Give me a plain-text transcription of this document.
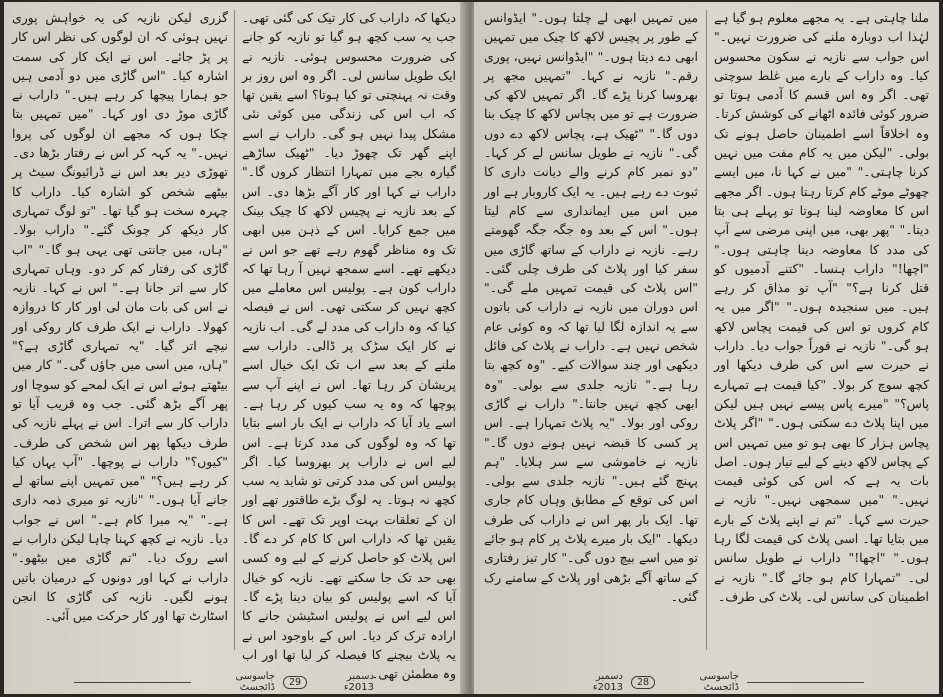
گزری لیکن نازیہ کی یہ خواہش پوری نہیں ہوئی کہ ان لوگوں کی نظر اس کار پر پڑ جائے۔ اس نے ایک کار کی سمت اشارہ کیا۔ "اس گاڑی میں دو آدمی ہیں جو ہمارا پیچھا کر رہے ہیں۔" داراب نے گاڑی موڑ دی اور کہا۔ "میں تمہیں بتا چکا ہوں کہ مجھے ان لوگوں کی پروا نہیں۔" یہ کہہ کر اس نے رفتار بڑھا دی۔ تھوڑی دیر بعد اس نے ڈرائیونگ سیٹ پر بیٹھے شخص کو اشارہ کیا۔ داراب کا چہرہ سخت ہو گیا تھا۔ "تو لوگ تمہاری کار دیکھ کر چونک گئے۔" داراب بولا۔ "ہاں، میں جانتی تھی یہی ہو گا۔" "اب گاڑی کی رفتار کم کر دو۔ وہاں تمہاری کار سے اتر جانا ہے۔" اس نے کہا۔ نازیہ نے اس کی بات مان لی اور کار کا دروازہ کھولا۔ داراب نے ایک طرف کار روکی اور نیچے اتر گیا۔ "یہ تمہاری گاڑی ہے؟" "ہاں، میں اسی میں جاؤں گی۔" کار میں بیٹھتے ہوئے اس نے ایک لمحے کو سوچا اور پھر آگے بڑھ گئی۔ جب وہ قریب آیا تو داراب کار سے اترا۔ اس نے پہلے نازیہ کی طرف دیکھا پھر اس شخص کی طرف۔ "کیوں؟" داراب نے پوچھا۔ "آپ یہاں کیا کر رہے ہیں؟" "میں تمہیں اپنے ساتھ لے جانے آیا ہوں۔" "نازیہ تو میری ذمہ داری ہے۔" "یہ میرا کام ہے۔" اس نے جواب دیا۔ نازیہ نے کچھ کہنا چاہا لیکن داراب نے اسے روک دیا۔ "تم گاڑی میں بیٹھو۔" داراب نے کہا اور دونوں کے درمیان باتیں ہونے لگیں۔ نازیہ کی گاڑی کا انجن اسٹارٹ تھا اور کار حرکت میں آئی۔

دیکھا کہ داراب کی کار تیک کی گئی تھی۔ جب یہ سب کچھ ہو گیا تو نازیہ کو جانے کی ضرورت محسوس ہوئی۔ نازیہ نے ایک طویل سانس لی۔ اگر وہ اس روز بر وقت نہ پہنچتی تو کیا ہوتا؟ اسے یقین تھا کہ اب اس کی زندگی میں کوئی نئی مشکل پیدا نہیں ہو گی۔ داراب نے اسے اپنے گھر تک چھوڑ دیا۔ "ٹھیک ساڑھے گیارہ بجے میں تمہارا انتظار کروں گا۔" داراب نے کہا اور کار آگے بڑھا دی۔ اس کے بعد نازیہ نے پچیس لاکھ کا چیک بینک میں جمع کرایا۔ اس کے ذہن میں ابھی تک وہ مناظر گھوم رہے تھے جو اس نے دیکھے تھے۔ اسے سمجھ نہیں آ رہا تھا کہ داراب کون ہے۔ پولیس اس معاملے میں کچھ نہیں کر سکتی تھی۔ اس نے فیصلہ کیا کہ وہ داراب کی مدد لے گی۔ اب نازیہ نے کار ایک سڑک پر ڈالی۔ داراب سے ملنے کے بعد سے اب تک ایک خیال اسے پریشان کر رہا تھا۔ اس نے اپنے آپ سے پوچھا کہ وہ یہ سب کیوں کر رہا ہے۔ اسے یاد آیا کہ داراب نے ایک بار اسے بتایا تھا کہ وہ لوگوں کی مدد کرتا ہے۔ اس لیے اس نے داراب پر بھروسا کیا۔ اگر پولیس اس کی مدد کرتی تو شاید یہ سب کچھ نہ ہوتا۔ یہ لوگ بڑے طاقتور تھے اور ان کے تعلقات بہت اوپر تک تھے۔ اس کا یقین تھا کہ داراب اس کا کام کر دے گا۔ اس پلاٹ کو حاصل کرنے کے لیے وہ کسی بھی حد تک جا سکتے تھے۔ نازیہ کو خیال آیا کہ اسے پولیس کو بیان دینا پڑے گا۔ اس لیے اس نے پولیس اسٹیشن جانے کا ارادہ ترک کر دیا۔ اس کے باوجود اس نے یہ پلاٹ بیچنے کا فیصلہ کر لیا تھا اور اب وہ مطمئن تھی۔

دسمبر 2013ء
29
جاسوسی ڈائجسٹ

میں تمہیں ابھی لے چلتا ہوں۔" ایڈوانس کے طور پر پچیس لاکھ کا چیک میں تمہیں ابھی دے دیتا ہوں۔" "ایڈوانس نہیں، پوری رقم۔" نازیہ نے کہا۔ "تمہیں مجھ پر بھروسا کرنا پڑے گا۔ اگر تمہیں لاکھ کی ضرورت ہے تو میں پچاس لاکھ کا چیک بنا دوں گا۔" "ٹھیک ہے، پچاس لاکھ دے دوں گی۔" نازیہ نے طویل سانس لے کر کہا۔ "دو نمبر کام کرنے والے دیانت داری کا ثبوت دے رہے ہیں۔ یہ ایک کاروبار ہے اور میں اس میں ایمانداری سے کام لیتا ہوں۔" اس کے بعد وہ جگہ جگہ گھومتے رہے۔ نازیہ نے داراب کے ساتھ گاڑی میں سفر کیا اور پلاٹ کی طرف چلی گئی۔ "اس پلاٹ کی قیمت تمہیں ملے گی۔" اس دوران میں نازیہ نے داراب کی باتوں سے یہ اندازہ لگا لیا تھا کہ وہ کوئی عام شخص نہیں ہے۔ داراب نے پلاٹ کی فائل دیکھی اور چند سوالات کیے۔ "وہ کچھ بتا رہا ہے۔" نازیہ جلدی سے بولی۔ "وہ ابھی کچھ نہیں جانتا۔" داراب نے گاڑی روکی اور بولا۔ "یہ پلاٹ تمہارا ہے۔ اس پر کسی کا قبضہ نہیں ہونے دوں گا۔" نازیہ نے خاموشی سے سر ہلایا۔ "ہم پہنچ گئے ہیں۔" نازیہ جلدی سے بولی۔ اس کی توقع کے مطابق وہاں کام جاری تھا۔ ایک بار پھر اس نے داراب کی طرف دیکھا۔ "ایک بار میرے پلاٹ پر کام ہو جائے تو میں اسے بیچ دوں گی۔" کار تیز رفتاری کے ساتھ آگے بڑھی اور پلاٹ کے سامنے رک گئی۔

ملنا چاہتی ہے۔ یہ مجھے معلوم ہو گیا ہے لہٰذا اب دوبارہ ملنے کی ضرورت نہیں۔" اس جواب سے نازیہ نے سکون محسوس کیا۔ وہ داراب کے بارے میں غلط سوچتی تھی۔ اگر وہ اس قسم کا آدمی ہوتا تو ضرور کوئی فائدہ اٹھانے کی کوشش کرتا۔ وہ اخلاقاً اسے اطمینان حاصل ہونے تک بولی۔ "لیکن میں یہ کام مفت میں نہیں کرنا چاہتی۔" "میں نے کہا نا، میں ایسے چھوٹے موٹے کام کرتا رہتا ہوں۔ اگر مجھے اس کا معاوضہ لینا ہوتا تو پہلے ہی بتا دیتا۔" "پھر بھی، میں اپنی مرضی سے آپ کی مدد کا معاوضہ دینا چاہتی ہوں۔" "اچھا!" داراب ہنسا۔ "کتنے آدمیوں کو قتل کرنا ہے؟" "آپ تو مذاق کر رہے ہیں۔ میں سنجیدہ ہوں۔" "اگر میں یہ کام کروں تو اس کی قیمت پچاس لاکھ ہو گی۔" نازیہ نے فوراً جواب دیا۔ داراب نے حیرت سے اس کی طرف دیکھا اور کچھ سوچ کر بولا۔ "کیا قیمت ہے تمہارے پاس؟" "میرے پاس پیسے نہیں ہیں لیکن میں اپنا پلاٹ دے سکتی ہوں۔" "اگر پلاٹ پچاس ہزار کا بھی ہو تو میں تمہیں اس کے پچاس لاکھ دینے کے لیے تیار ہوں۔ اصل بات یہ ہے کہ اس کی کوئی قیمت نہیں۔" "میں سمجھی نہیں۔" نازیہ نے حیرت سے کہا۔ "تم نے اپنے پلاٹ کے بارے میں بتایا تھا۔ اسی پلاٹ کی قیمت لگا رہا ہوں۔" "اچھا!" داراب نے طویل سانس لی۔ "تمہارا کام ہو جائے گا۔" نازیہ نے اطمینان کی سانس لی۔ پلاٹ کی طرف۔

جاسوسی ڈائجسٹ
28
دسمبر 2013ء
